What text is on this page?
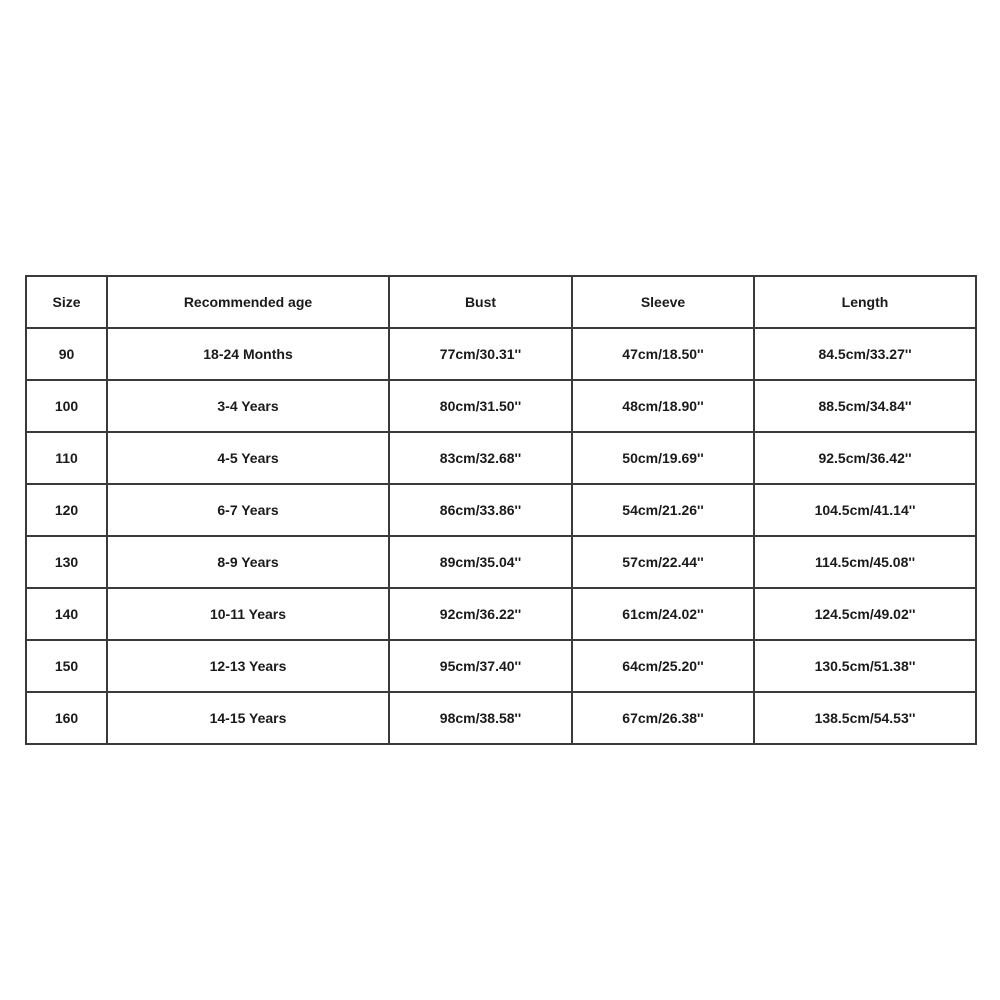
Size	Recommended age	Bust	Sleeve	Length
90	18-24 Months	77cm/30.31''	47cm/18.50''	84.5cm/33.27''
100	3-4 Years	80cm/31.50''	48cm/18.90''	88.5cm/34.84''
110	4-5 Years	83cm/32.68''	50cm/19.69''	92.5cm/36.42''
120	6-7 Years	86cm/33.86''	54cm/21.26''	104.5cm/41.14''
130	8-9 Years	89cm/35.04''	57cm/22.44''	114.5cm/45.08''
140	10-11 Years	92cm/36.22''	61cm/24.02''	124.5cm/49.02''
150	12-13 Years	95cm/37.40''	64cm/25.20''	130.5cm/51.38''
160	14-15 Years	98cm/38.58''	67cm/26.38''	138.5cm/54.53''
